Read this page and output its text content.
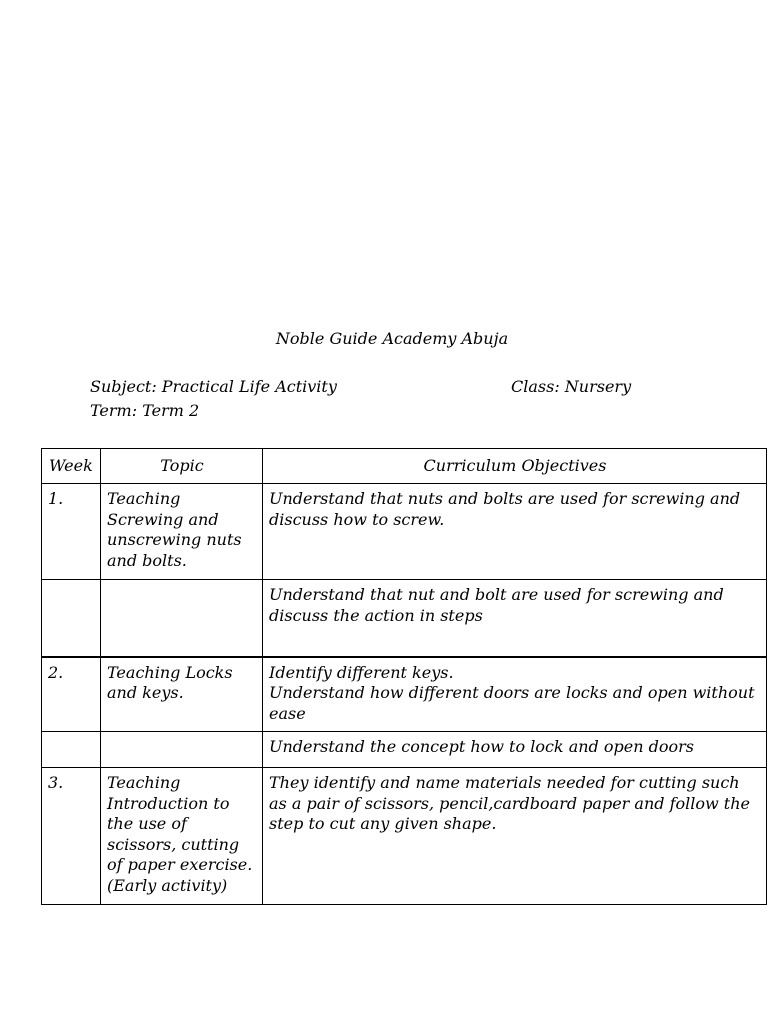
Noble Guide Academy Abuja
Subject: Practical Life Activity	Class: Nursery
Term: Term 2
Week	Topic	Curriculum Objectives
1.	Teaching Screwing and unscrewing nuts and bolts.	Understand that nuts and bolts are used for screwing and discuss how to screw.
		Understand that nut and bolt are used for screwing and discuss the action in steps
2.	Teaching Locks and keys.	Identify different keys.
Understand how different doors are locks and open without ease
		Understand the concept how to lock and open doors
3.	Teaching Introduction to the use of scissors, cutting of paper exercise. (Early activity)	They identify and name materials needed for cutting such as a pair of scissors, pencil,cardboard paper and follow the step to cut any given shape.
